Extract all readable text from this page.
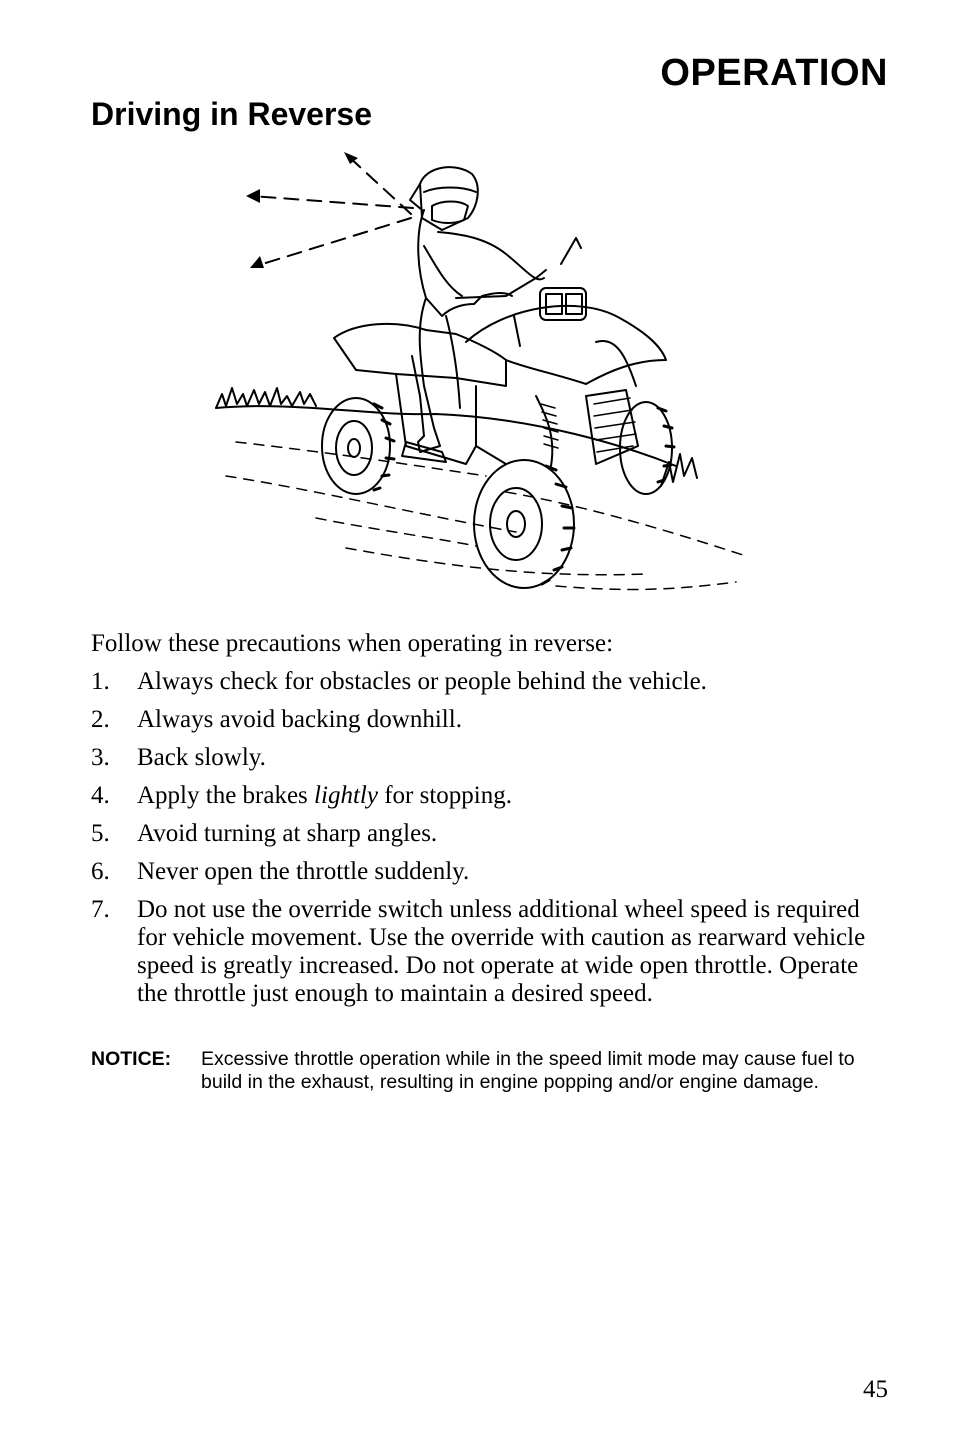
OPERATION
Driving in Reverse
Follow these precautions when operating in reverse:
1. Always check for obstacles or people behind the vehicle.
2. Always avoid backing downhill.
3. Back slowly.
4. Apply the brakes lightly for stopping.
5. Avoid turning at sharp angles.
6. Never open the throttle suddenly.
7. Do not use the override switch unless additional wheel speed is required for vehicle movement. Use the override with caution as rearward vehicle speed is greatly increased. Do not operate at wide open throttle. Operate the throttle just enough to maintain a desired speed.
NOTICE: Excessive throttle operation while in the speed limit mode may cause fuel to build in the exhaust, resulting in engine popping and/or engine damage.
45
